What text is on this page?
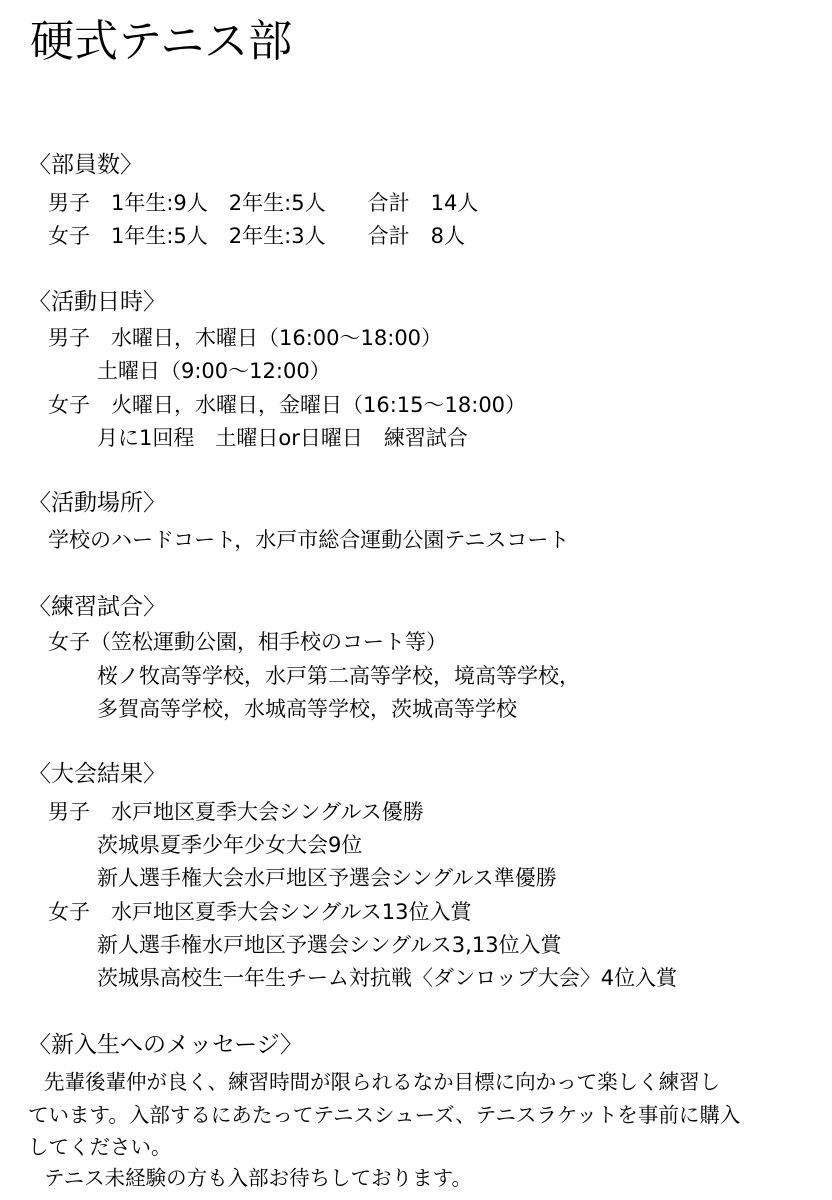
硬式テニス部
〈部員数〉
男子　1年生:9人　2年生:5人　　合計　14人
女子　1年生:5人　2年生:3人　　合計　8人
〈活動日時〉
男子　水曜日，木曜日（16:00～18:00）
土曜日（9:00～12:00）
女子　火曜日，水曜日，金曜日（16:15～18:00）
月に1回程　土曜日or日曜日　練習試合
〈活動場所〉
学校のハードコート，水戸市総合運動公園テニスコート
〈練習試合〉
女子（笠松運動公園，相手校のコート等）
桜ノ牧高等学校，水戸第二高等学校，境高等学校，
多賀高等学校，水城高等学校，茨城高等学校
〈大会結果〉
男子　水戸地区夏季大会シングルス優勝
茨城県夏季少年少女大会9位
新人選手権大会水戸地区予選会シングルス準優勝
女子　水戸地区夏季大会シングルス13位入賞
新人選手権水戸地区予選会シングルス3,13位入賞
茨城県高校生一年生チーム対抗戦〈ダンロップ大会〉4位入賞
〈新入生へのメッセージ〉
先輩後輩仲が良く、練習時間が限られるなか目標に向かって楽しく練習し
ています。入部するにあたってテニスシューズ、テニスラケットを事前に購入
してください。
テニス未経験の方も入部お待ちしております。
